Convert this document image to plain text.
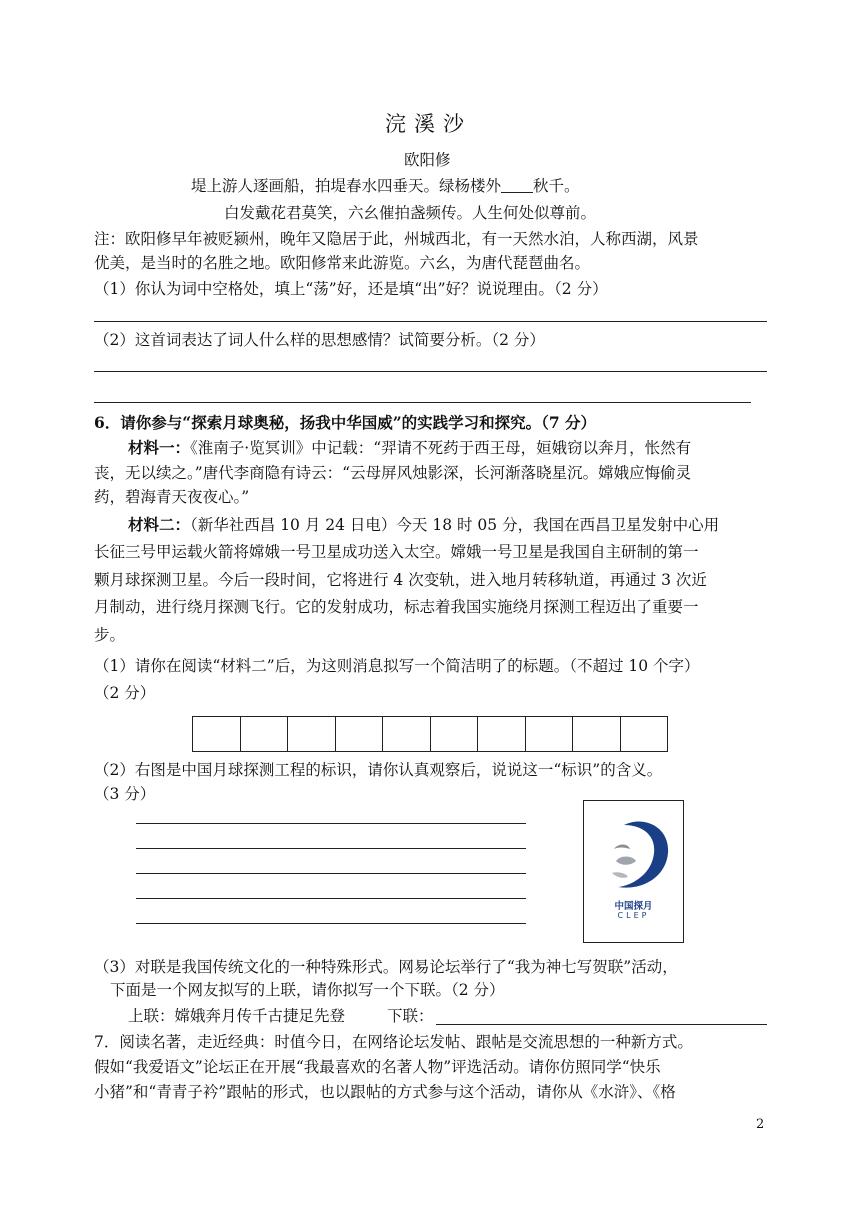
浣溪沙
欧阳修
堤上游人逐画船，拍堤春水四垂天。绿杨楼外 秋千。
白发戴花君莫笑，六幺催拍盏频传。人生何处似尊前。
注：欧阳修早年被贬颍州，晚年又隐居于此，州城西北，有一天然水泊，人称西湖，风景
优美，是当时的名胜之地。欧阳修常来此游览。六幺，为唐代琵琶曲名。
（1）你认为词中空格处，填上“荡”好，还是填“出”好？说说理由。（2 分）
（2）这首词表达了词人什么样的思想感情？试简要分析。（2 分）
6．请你参与“探索月球奥秘，扬我中华国威”的实践学习和探究。（7 分）
材料一：《淮南子·览冥训》中记载：“羿请不死药于西王母，姮娥窃以奔月，怅然有
丧，无以续之。”唐代李商隐有诗云：“云母屏风烛影深，长河渐落晓星沉。嫦娥应悔偷灵
药，碧海青天夜夜心。”
材料二：（新华社西昌 10 月 24 日电）今天 18 时 05 分，我国在西昌卫星发射中心用
长征三号甲运载火箭将嫦娥一号卫星成功送入太空。嫦娥一号卫星是我国自主研制的第一
颗月球探测卫星。今后一段时间，它将进行 4 次变轨，进入地月转移轨道，再通过 3 次近
月制动，进行绕月探测飞行。它的发射成功，标志着我国实施绕月探测工程迈出了重要一
步。
（1）请你在阅读“材料二”后，为这则消息拟写一个简洁明了的标题。（不超过 10 个字）
（2 分）
（2）右图是中国月球探测工程的标识，请你认真观察后，说说这一“标识”的含义。
（3 分）
中国探月
CLEP
（3）对联是我国传统文化的一种特殊形式。网易论坛举行了“我为神七写贺联”活动，
下面是一个网友拟写的上联，请你拟写一个下联。（2 分）
上联：嫦娥奔月传千古捷足先登	下联：
7．阅读名著，走近经典：时值今日，在网络论坛发帖、跟帖是交流思想的一种新方式。
假如“我爱语文”论坛正在开展“我最喜欢的名著人物”评选活动。请你仿照同学“快乐
小猪”和“青青子衿”跟帖的形式，也以跟帖的方式参与这个活动，请你从《水浒》、《格
2
